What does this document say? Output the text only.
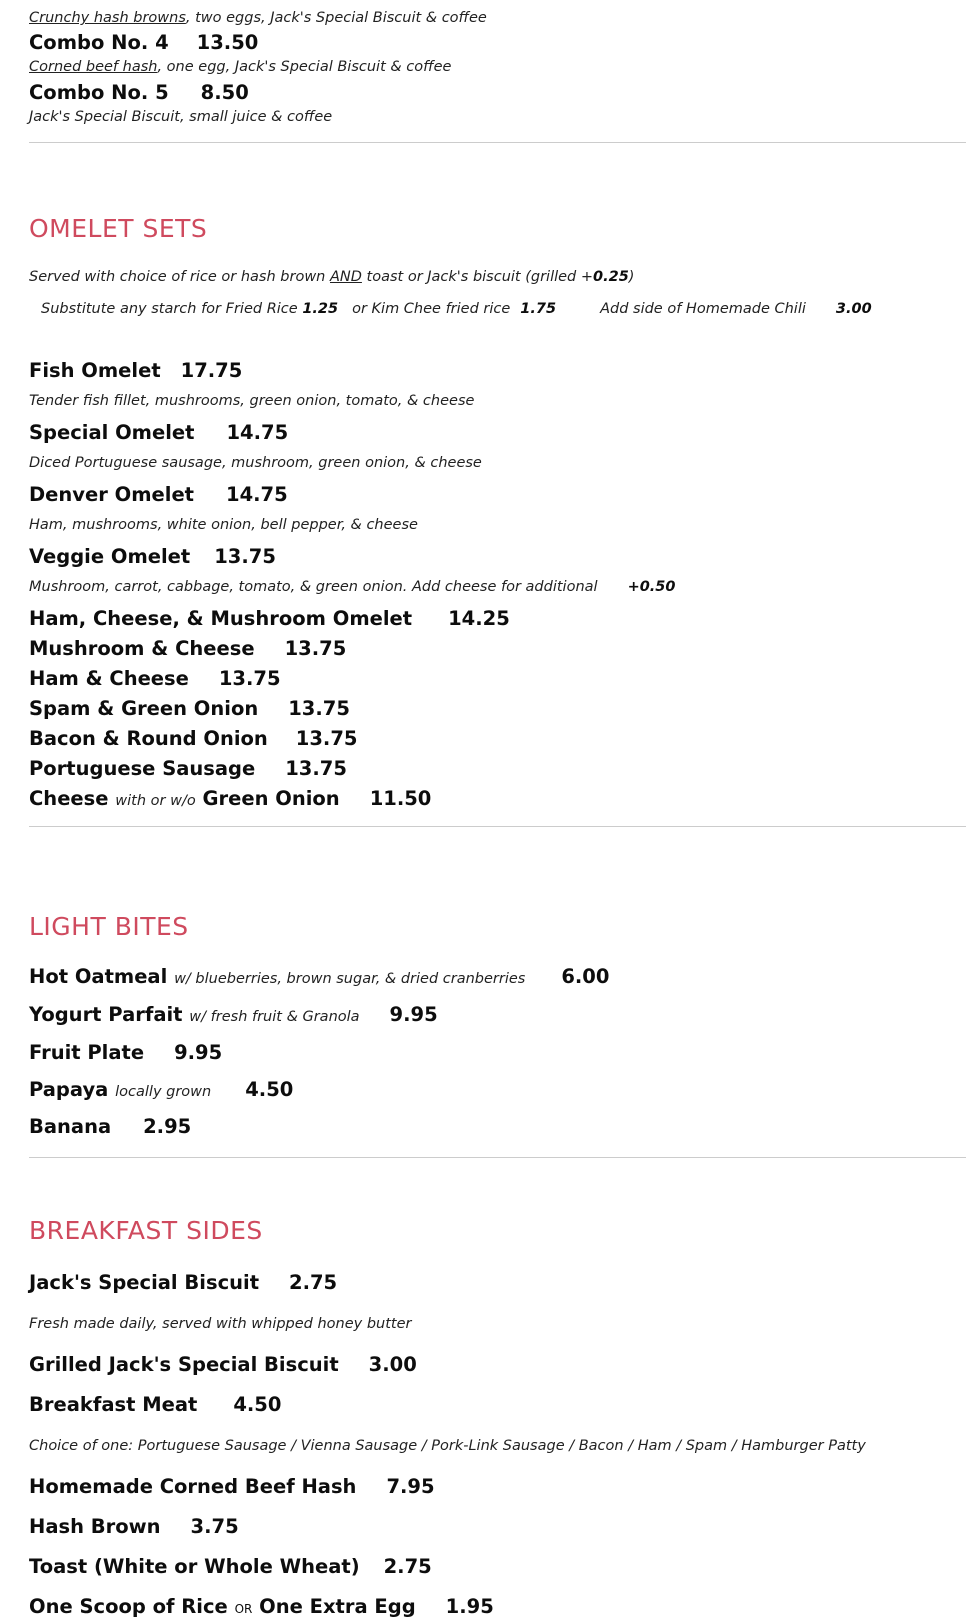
Crunchy hash browns, two eggs, Jack's Special Biscuit & coffee
Combo No. 4 13.50
Corned beef hash, one egg, Jack's Special Biscuit & coffee
Combo No. 5 8.50
Jack's Special Biscuit, small juice & coffee
OMELET SETS
Served with choice of rice or hash brown AND toast or Jack's biscuit (grilled +0.25)
Substitute any starch for Fried Rice 1.25 or Kim Chee fried rice 1.75	Add side of Homemade Chili 3.00
Fish Omelet 17.75
Tender fish fillet, mushrooms, green onion, tomato, & cheese
Special Omelet 14.75
Diced Portuguese sausage, mushroom, green onion, & cheese
Denver Omelet 14.75
Ham, mushrooms, white onion, bell pepper, & cheese
Veggie Omelet 13.75
Mushroom, carrot, cabbage, tomato, & green onion. Add cheese for additional +0.50
Ham, Cheese, & Mushroom Omelet 14.25
Mushroom & Cheese 13.75
Ham & Cheese 13.75
Spam & Green Onion 13.75
Bacon & Round Onion 13.75
Portuguese Sausage 13.75
Cheese with or w/o Green Onion 11.50
LIGHT BITES
Hot Oatmeal w/ blueberries, brown sugar, & dried cranberries 6.00
Yogurt Parfait w/ fresh fruit & Granola 9.95
Fruit Plate 9.95
Papaya locally grown 4.50
Banana 2.95
BREAKFAST SIDES
Jack's Special Biscuit 2.75
Fresh made daily, served with whipped honey butter
Grilled Jack's Special Biscuit 3.00
Breakfast Meat 4.50
Choice of one: Portuguese Sausage / Vienna Sausage / Pork-Link Sausage / Bacon / Ham / Spam / Hamburger Patty
Homemade Corned Beef Hash 7.95
Hash Brown 3.75
Toast (White or Whole Wheat) 2.75
One Scoop of Rice or One Extra Egg 1.95
